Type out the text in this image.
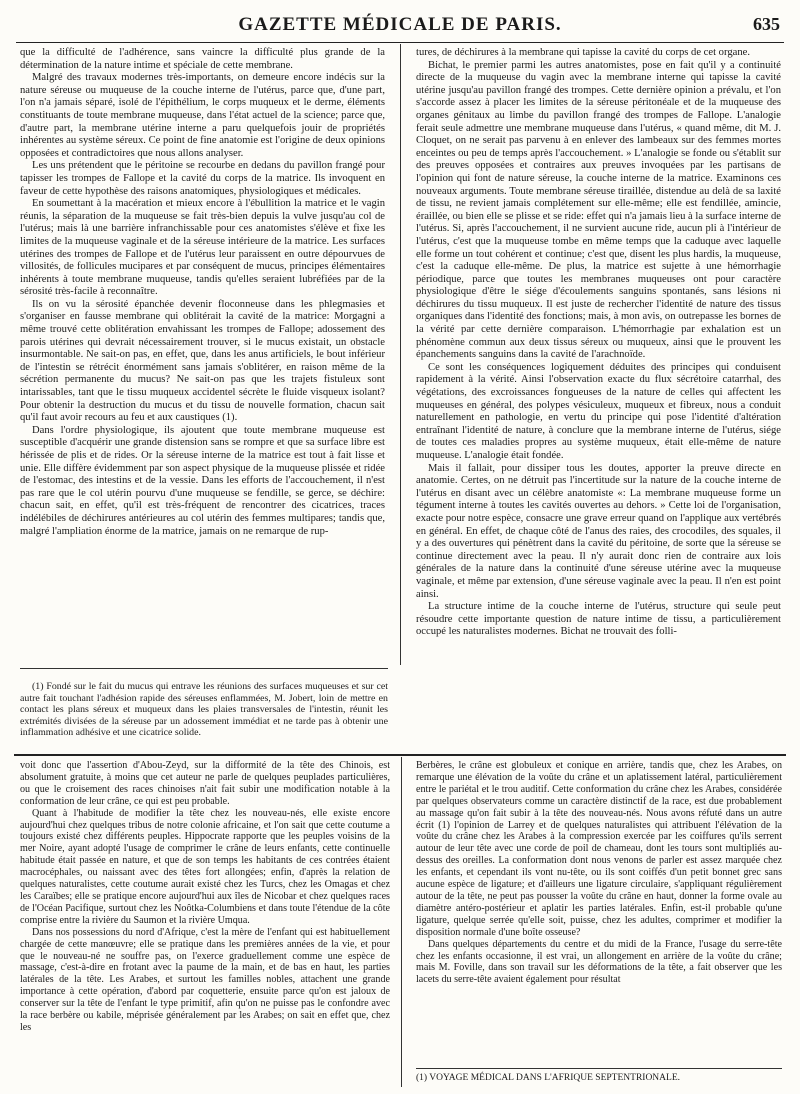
GAZETTE MÉDICALE DE PARIS.	635

que la difficulté de l'adhérence, sans vaincre la difficulté plus grande de la détermination de la nature intime et spéciale de cette membrane.

Malgré des travaux modernes très-importants, on demeure encore indécis sur la nature séreuse ou muqueuse de la couche interne de l'utérus, parce que, d'une part, l'on n'a jamais séparé, isolé de l'épithélium, le corps muqueux et le derme, éléments constituants de toute membrane muqueuse, dans l'état actuel de la science; parce que, d'autre part, la membrane utérine interne a paru quelquefois jouir de propriétés inhérentes au système séreux. Ce point de fine anatomie est l'origine de deux opinions opposées et contradictoires que nous allons analyser.

Les uns prétendent que le péritoine se recourbe en dedans du pavillon frangé pour tapisser les trompes de Fallope et la cavité du corps de la matrice. Ils invoquent en faveur de cette hypothèse des raisons anatomiques, physiologiques et médicales.

En soumettant à la macération et mieux encore à l'ébullition la matrice et le vagin réunis, la séparation de la muqueuse se fait très-bien depuis la vulve jusqu'au col de l'utérus; mais là une barrière infranchissable pour ces anatomistes s'élève et fixe les limites de la muqueuse vaginale et de la séreuse intérieure de la matrice. Les surfaces utérines des trompes de Fallope et de l'utérus leur paraissent en outre dépourvues de villosités, de follicules mucipares et par conséquent de mucus, principes élémentaires inhérents à toute membrane muqueuse, tandis qu'elles seraient lubréfiées par de la sérosité très-facile à reconnaître.

Ils on vu la sérosité épanchée devenir floconneuse dans les phlegmasies et s'organiser en fausse membrane qui oblitérait la cavité de la matrice: Morgagni a même trouvé cette oblitération envahissant les trompes de Fallope; adossement des parois utérines qui devrait nécessairement trouver, si le mucus existait, un obstacle insurmontable. Ne sait-on pas, en effet, que, dans les anus artificiels, le bout inférieur de l'intestin se rétrécit énormément sans jamais s'oblitérer, en raison même de la sécrétion permanente du mucus? Ne sait-on pas que les trajets fistuleux sont intarissables, tant que le tissu muqueux accidentel sécrète le fluide visqueux isolant? Pour obtenir la destruction du mucus et du tissu de nouvelle formation, chacun sait qu'il faut avoir recours au feu et aux caustiques (1).

Dans l'ordre physiologique, ils ajoutent que toute membrane muqueuse est susceptible d'acquérir une grande distension sans se rompre et que sa surface libre est hérissée de plis et de rides. Or la séreuse interne de la matrice est tout à fait lisse et unie. Elle diffère évidemment par son aspect physique de la muqueuse plissée et ridée de l'estomac, des intestins et de la vessie. Dans les efforts de l'accouchement, il n'est pas rare que le col utérin pourvu d'une muqueuse se fendille, se gerce, se déchire: chacun sait, en effet, qu'il est très-fréquent de rencontrer des cicatrices, traces indélébiles de déchirures antérieures au col utérin des femmes multipares; tandis que, malgré l'ampliation énorme de la matrice, jamais on ne remarque de rup-

tures, de déchirures à la membrane qui tapisse la cavité du corps de cet organe.

Bichat, le premier parmi les autres anatomistes, pose en fait qu'il y a continuité directe de la muqueuse du vagin avec la membrane interne qui tapisse la cavité utérine jusqu'au pavillon frangé des trompes. Cette dernière opinion a prévalu, et l'on s'accorde assez à placer les limites de la séreuse péritonéale et de la muqueuse des organes génitaux au limbe du pavillon frangé des trompes de Fallope. L'analogie ferait seule admettre une membrane muqueuse dans l'utérus, « quand même, dit M. J. Cloquet, on ne serait pas parvenu à en enlever des lambeaux sur des femmes mortes enceintes ou peu de temps après l'accouchement. » L'analogie se fonde ou s'établit sur des preuves opposées et contraires aux preuves invoquées par les partisans de l'opinion qui font de nature séreuse, la couche interne de la matrice. Examinons ces nouveaux arguments. Toute membrane séreuse tiraillée, distendue au delà de sa laxité de tissu, ne revient jamais complétement sur elle-même; elle est fendillée, amincie, éraillée, ou bien elle se plisse et se ride: effet qui n'a jamais lieu à la surface interne de l'utérus. Si, après l'accouchement, il ne survient aucune ride, aucun pli à l'intérieur de l'utérus, c'est que la muqueuse tombe en même temps que la caduque avec laquelle elle forme un tout cohérent et continue; c'est que, disent les plus hardis, la muqueuse, c'est la caduque elle-même. De plus, la matrice est sujette à une hémorrhagie périodique, parce que toutes les membranes muqueuses ont pour caractère physiologique d'être le siége d'écoulements sanguins spontanés, sans lésions ni déchirures du tissu muqueux. Il est juste de rechercher l'identité de nature des tissus organiques dans l'identité des fonctions; mais, à mon avis, on outrepasse les bornes de la vérité par cette dernière comparaison. L'hémorrhagie par exhalation est un phénomène commun aux deux tissus séreux ou muqueux, ainsi que le prouvent les épanchements sanguins dans la cavité de l'arachnoïde.

Ce sont les conséquences logiquement déduites des principes qui conduisent rapidement à la vérité. Ainsi l'observation exacte du flux sécrétoire catarrhal, des végétations, des excroissances fongueuses de la nature de celles qui affectent les muqueuses en général, des polypes vésiculeux, muqueux et fibreux, nous a conduit naturellement en pathologie, en vertu du principe qui pose l'identité d'altération entraînant l'identité de nature, à conclure que la membrane interne de l'utérus, siége de toutes ces maladies propres au système muqueux, était elle-même de nature muqueuse. L'analogie était fondée.

Mais il fallait, pour dissiper tous les doutes, apporter la preuve directe en anatomie. Certes, on ne détruit pas l'incertitude sur la nature de la couche interne de l'utérus en disant avec un célèbre anatomiste «: La membrane muqueuse forme un tégument interne à toutes les cavités ouvertes au dehors. » Cette loi de l'organisation, exacte pour notre espèce, consacre une grave erreur quand on l'applique aux vertébrés en général. En effet, de chaque côté de l'anus des raies, des crocodiles, des squales, il y a des ouvertures qui pénètrent dans la cavité du péritoine, de sorte que la séreuse se continue directement avec la peau. Il n'y aurait donc rien de contraire aux lois générales de la nature dans la continuité d'une séreuse utérine avec la muqueuse vaginale, et même par extension, d'une séreuse vaginale avec la peau. Il n'en est point ainsi.

La structure intime de la couche interne de l'utérus, structure qui seule peut résoudre cette importante question de nature intime de tissu, a particulièrement occupé les naturalistes modernes. Bichat ne trouvait des folli-

(1) Fondé sur le fait du mucus qui entrave les réunions des surfaces muqueuses et sur cet autre fait touchant l'adhésion rapide des séreuses enflammées, M. Jobert, loin de mettre en contact les plans séreux et muqueux dans les plaies transversales de l'intestin, réunit les extrémités divisées de la séreuse par un adossement immédiat et ne tarde pas à obtenir une inflammation adhésive et une cicatrice solide.

voit donc que l'assertion d'Abou-Zeyd, sur la difformité de la tête des Chinois, est absolument gratuite, à moins que cet auteur ne parle de quelques peuplades particulières, ou que le croisement des races chinoises n'ait fait subir une modification notable à la conformation de leur crâne, ce qui est peu probable.

Quant à l'habitude de modifier la tête chez les nouveau-nés, elle existe encore aujourd'hui chez quelques tribus de notre colonie africaine, et l'on sait que cette coutume a toujours existé chez différents peuples. Hippocrate rapporte que les peuples voisins de la mer Noire, ayant adopté l'usage de comprimer le crâne de leurs enfants, cette continuelle habitude était passée en nature, et que de son temps les habitants de ces contrées étaient macrocéphales, ou naissant avec des têtes fort allongées; enfin, d'après la relation de quelques naturalistes, cette coutume aurait existé chez les Turcs, chez les Omagas et chez les Caraïbes; elle se pratique encore aujourd'hui aux îles de Nicobar et chez quelques races de l'Océan Pacifique, surtout chez les Noôtka-Columbiens et dans toute l'étendue de la côte comprise entre la rivière du Saumon et la rivière Umqua.

Dans nos possessions du nord d'Afrique, c'est la mère de l'enfant qui est habituellement chargée de cette manœuvre; elle se pratique dans les premières années de la vie, et pour que le nouveau-né ne souffre pas, on l'exerce graduellement comme une espèce de massage, c'est-à-dire en frotant avec la paume de la main, et de bas en haut, les parties latérales de la tête. Les Arabes, et surtout les familles nobles, attachent une grande importance à cette opération, d'abord par coquetterie, ensuite parce qu'on est jaloux de conserver sur la tête de l'enfant le type primitif, afin qu'on ne puisse pas le confondre avec la race berbère ou kabile, méprisée généralement par les Arabes; on sait en effet que, chez les

Berbères, le crâne est globuleux et conique en arrière, tandis que, chez les Arabes, on remarque une élévation de la voûte du crâne et un aplatissement latéral, particulièrement entre le pariétal et le trou auditif. Cette conformation du crâne chez les Arabes, considérée par quelques observateurs comme un caractère distinctif de la race, est due probablement au massage qu'on fait subir à la tête des nouveau-nés. Nous avons réfuté dans un autre écrit (1) l'opinion de Larrey et de quelques naturalistes qui attribuent l'élévation de la voûte du crâne chez les Arabes à la compression exercée par les coiffures qu'ils serrent autour de leur tête avec une corde de poil de chameau, dont les tours sont multipliés au-dessus des oreilles. La conformation dont nous venons de parler est assez marquée chez les enfants, et cependant ils vont nu-tête, ou ils sont coiffés d'un petit bonnet grec sans aucune espèce de ligature; et d'ailleurs une ligature circulaire, s'appliquant régulièrement autour de la tête, ne peut pas pousser la voûte du crâne en haut, donner la forme ovale au diamètre antéro-postérieur et aplatir les parties latérales. Enfin, est-il probable qu'une ligature, quelque serrée qu'elle soit, puisse, chez les adultes, comprimer et modifier la disposition normale d'une boîte osseuse?

Dans quelques départements du centre et du midi de la France, l'usage du serre-tête chez les enfants occasionne, il est vrai, un allongement en arrière de la voûte du crâne; mais M. Foville, dans son travail sur les déformations de la tête, a fait observer que les lacets du serre-tête avaient également pour résultat

(1) VOYAGE MÉDICAL DANS L'AFRIQUE SEPTENTRIONALE.
